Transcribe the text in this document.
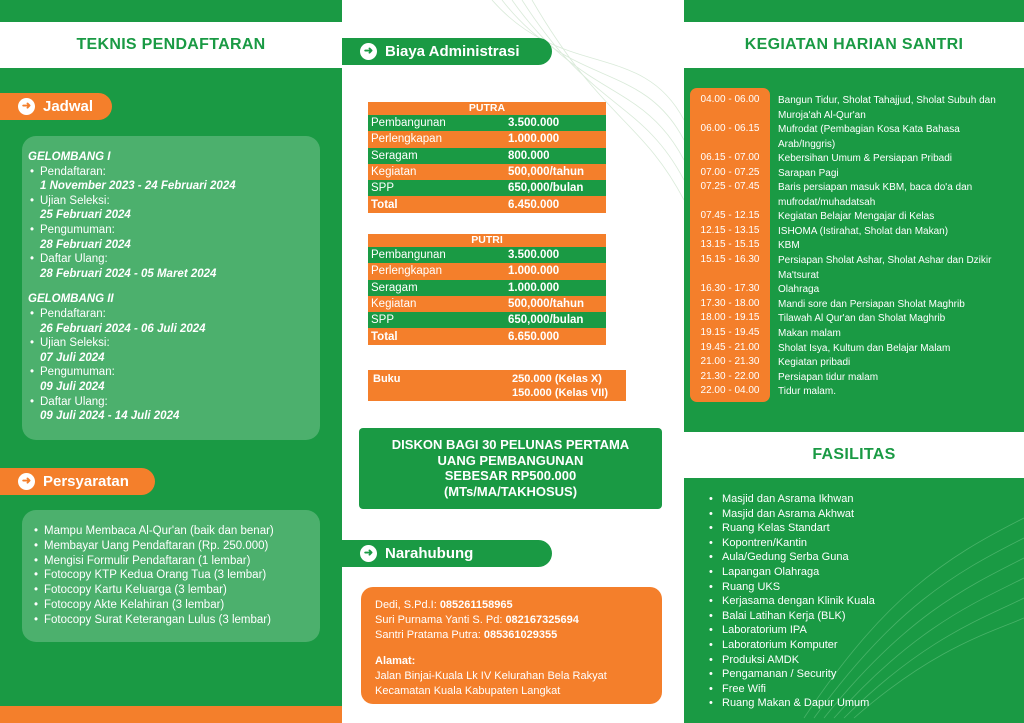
TEKNIS PENDAFTARAN
➜ Jadwal
GELOMBANG I
• Pendaftaran:
1 November 2023 - 24 Februari 2024
• Ujian Seleksi:
25 Februari 2024
• Pengumuman:
28 Februari 2024
• Daftar Ulang:
28 Februari 2024 - 05 Maret 2024
GELOMBANG II
• Pendaftaran:
26 Februari 2024 - 06 Juli 2024
• Ujian Seleksi:
07 Juli 2024
• Pengumuman:
09 Juli 2024
• Daftar Ulang:
09 Juli 2024 - 14 Juli 2024
➜ Persyaratan
• Mampu Membaca Al-Qur'an (baik dan benar)
• Membayar Uang Pendaftaran (Rp. 250.000)
• Mengisi Formulir Pendaftaran (1 lembar)
• Fotocopy KTP Kedua Orang Tua (3 lembar)
• Fotocopy Kartu Keluarga (3 lembar)
• Fotocopy Akte Kelahiran (3 lembar)
• Fotocopy Surat Keterangan Lulus (3 lembar)
➜ Biaya Administrasi
PUTRA
Pembangunan	3.500.000
Perlengkapan	1.000.000
Seragam	800.000
Kegiatan	500,000/tahun
SPP	650,000/bulan
Total	6.450.000
PUTRI
Pembangunan	3.500.000
Perlengkapan	1.000.000
Seragam	1.000.000
Kegiatan	500,000/tahun
SPP	650,000/bulan
Total	6.650.000
Buku	250.000 (Kelas X)
150.000 (Kelas VII)
DISKON BAGI 30 PELUNAS PERTAMA
UANG PEMBANGUNAN
SEBESAR RP500.000
(MTs/MA/TAKHOSUS)
➜ Narahubung
Dedi, S.Pd.I: 085261158965
Suri Purnama Yanti S. Pd: 082167325694
Santri Pratama Putra: 085361029355
Alamat:
Jalan Binjai-Kuala Lk IV Kelurahan Bela Rakyat
Kecamatan Kuala Kabupaten Langkat
KEGIATAN HARIAN SANTRI
FASILITAS
04.00 - 06.00	Bangun Tidur, Sholat Tahajjud, Sholat Subuh dan Muroja'ah Al-Qur'an
06.00 - 06.15	Mufrodat (Pembagian Kosa Kata Bahasa Arab/Inggris)
06.15 - 07.00	Kebersihan Umum & Persiapan Pribadi
07.00 - 07.25	Sarapan Pagi
07.25 - 07.45	Baris persiapan masuk KBM, baca do'a dan mufrodat/muhadatsah
07.45 - 12.15	Kegiatan Belajar Mengajar di Kelas
12.15 - 13.15	ISHOMA (Istirahat, Sholat dan Makan)
13.15 - 15.15	KBM
15.15 - 16.30	Persiapan Sholat Ashar, Sholat Ashar dan Dzikir Ma'tsurat
16.30 - 17.30	Olahraga
17.30 - 18.00	Mandi sore dan Persiapan Sholat Maghrib
18.00 - 19.15	Tilawah Al Qur'an dan Sholat Maghrib
19.15 - 19.45	Makan malam
19.45 - 21.00	Sholat Isya, Kultum dan Belajar Malam
21.00 - 21.30	Kegiatan pribadi
21.30 - 22.00	Persiapan tidur malam
22.00 - 04.00	Tidur malam.
• Masjid dan Asrama Ikhwan
• Masjid dan Asrama Akhwat
• Ruang Kelas Standart
• Kopontren/Kantin
• Aula/Gedung Serba Guna
• Lapangan Olahraga
• Ruang UKS
• Kerjasama dengan Klinik Kuala
• Balai Latihan Kerja (BLK)
• Laboratorium IPA
• Laboratorium Komputer
• Produksi AMDK
• Pengamanan / Security
• Free Wifi
• Ruang Makan & Dapur Umum
